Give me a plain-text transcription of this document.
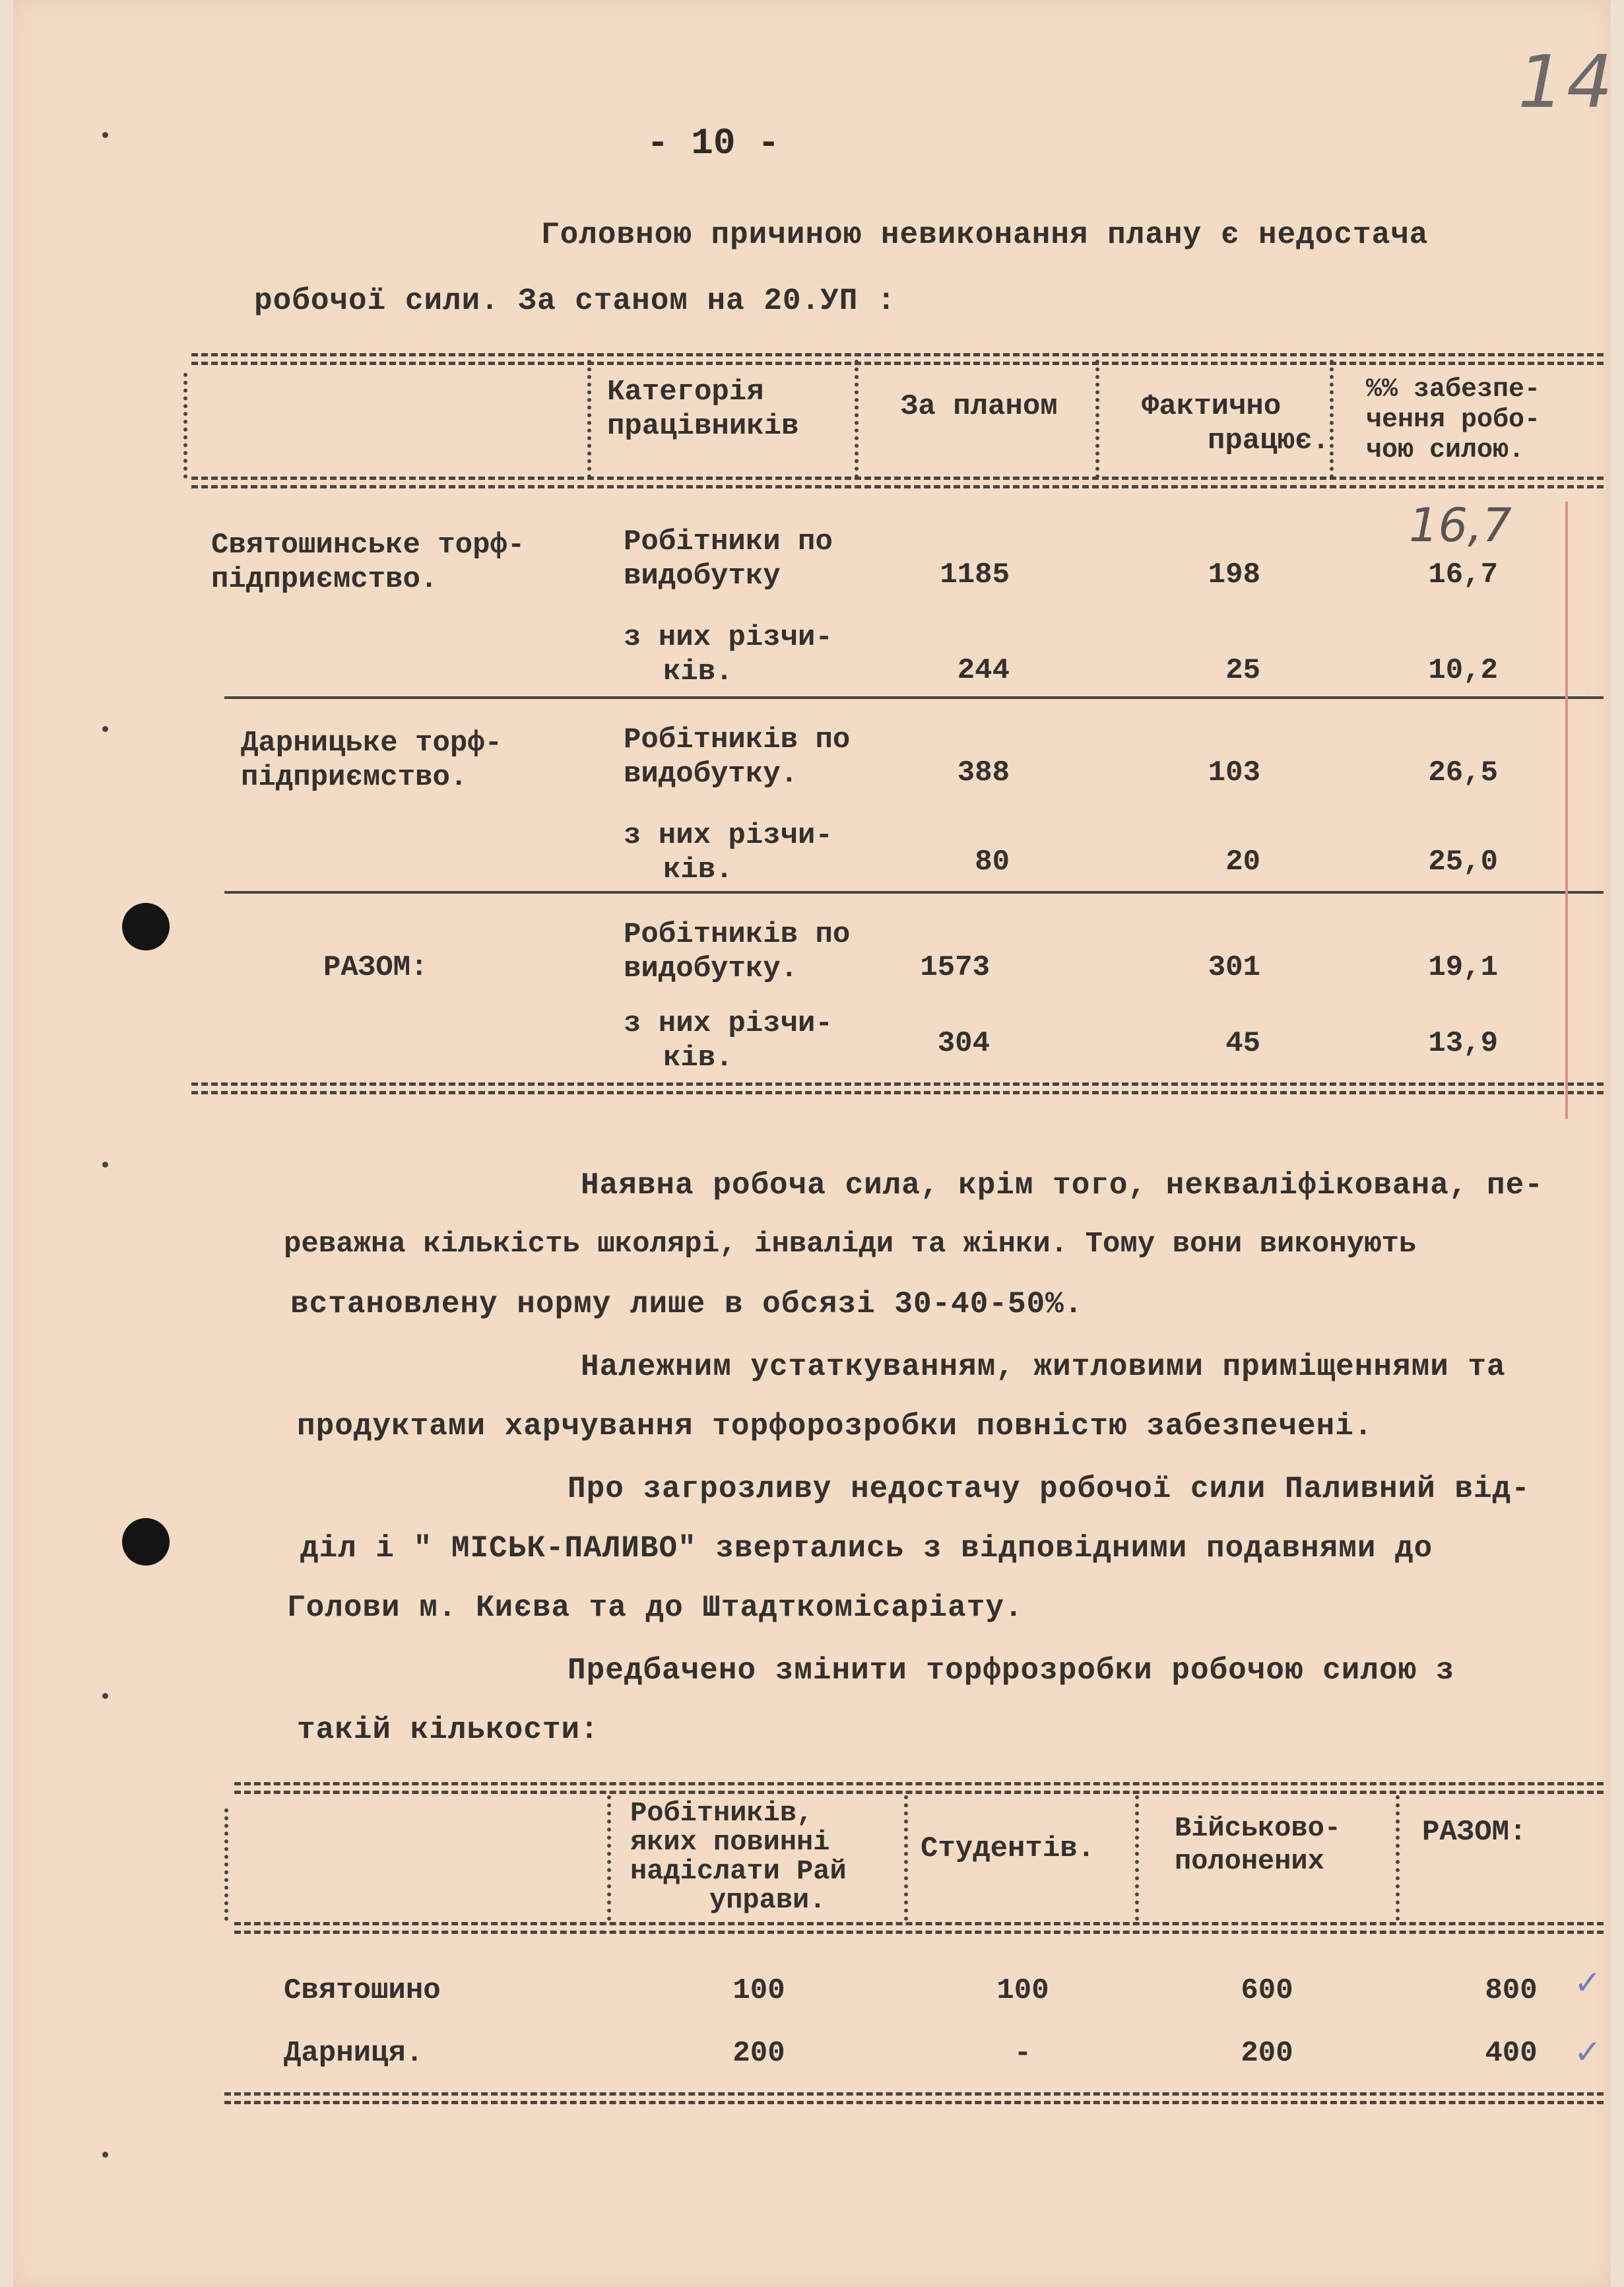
14
- 10 -
Головною причиною невиконання плану є недостача
робочої сили. За станом на 20.УП :
Категорія
працівників
За планом	Фактично
працює.
%% забезпе-
чення робо-
чою силою.
Святошинське торф-
підприємство.
Робітники по
видобутку	1185	198	16,7
16,7
з них різчи-
ків.	244	25	10,2
Дарницьке торф-
підприємство.
Робітників по
видобутку.	388	103	26,5
з них різчи-
ків.	80	20	25,0
РАЗОМ:
Робітників по
видобутку.	1573	301	19,1
з них різчи-
ків.	304	45	13,9
Наявна робоча сила, крім того, некваліфікована, пе-
реважна кількість школярі, інваліди та жінки. Тому вони виконують
встановлену норму лише в обсязі 30-40-50%.
Належним устаткуванням, житловими приміщеннями та
продуктами харчування торфорозробки повністю забезпечені.
Про загрозливу недостачу робочої сили Паливний від-
діл і " МІСЬК-ПАЛИВО" звертались з відповідними подавнями до
Голови м. Києва та до Штадткомісаріату.
Предбачено змінити торфрозробки робочою силою з
такій кількости:
Робітників,
яких повинні
надіслати Рай
управи.
Студентів.
Військово-
полонених
РАЗОМ:
Святошино	100	100	600	800	✓
Дарниця.	200	-	200	400	✓
